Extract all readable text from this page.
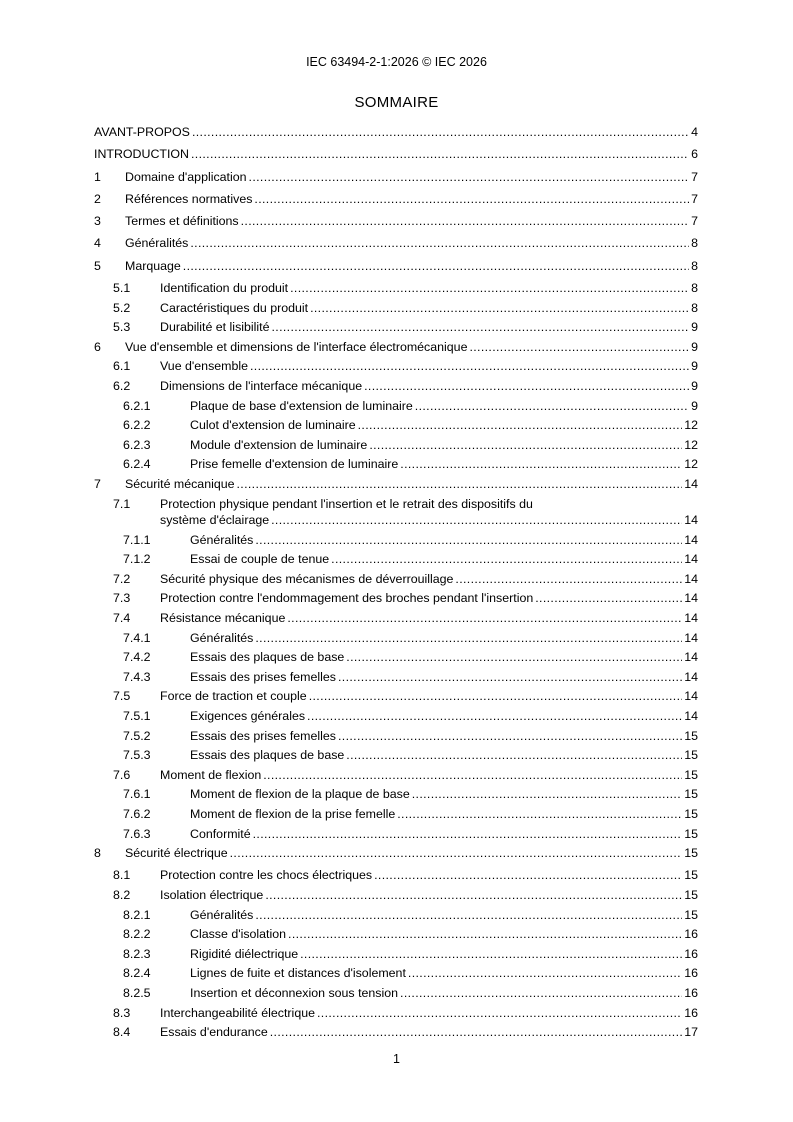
IEC 63494-2-1:2026 © IEC 2026
SOMMAIRE
AVANT-PROPOS .....	4
INTRODUCTION .....	6
1 Domaine d'application .....	7
2 Références normatives .....	7
3 Termes et définitions .....	7
4 Généralités .....	8
5 Marquage .....	8
5.1 Identification du produit .....	8
5.2 Caractéristiques du produit .....	8
5.3 Durabilité et lisibilité .....	9
6 Vue d'ensemble et dimensions de l'interface électromécanique .....	9
6.1 Vue d'ensemble .....	9
6.2 Dimensions de l'interface mécanique .....	9
6.2.1	Plaque de base d'extension de luminaire .....	9
6.2.2	Culot d'extension de luminaire .....	12
6.2.3	Module d'extension de luminaire .....	12
6.2.4	Prise femelle d'extension de luminaire .....	12
7 Sécurité mécanique .....	14
7.1 Protection physique pendant l'insertion et le retrait des dispositifs du
système d'éclairage .....	14
7.1.1	Généralités .....	14
7.1.2	Essai de couple de tenue .....	14
7.2 Sécurité physique des mécanismes de déverrouillage .....	14
7.3 Protection contre l'endommagement des broches pendant l'insertion .....	14
7.4 Résistance mécanique .....	14
7.4.1	Généralités .....	14
7.4.2	Essais des plaques de base .....	14
7.4.3	Essais des prises femelles .....	14
7.5 Force de traction et couple .....	14
7.5.1	Exigences générales .....	14
7.5.2	Essais des prises femelles .....	15
7.5.3	Essais des plaques de base .....	15
7.6 Moment de flexion .....	15
7.6.1	Moment de flexion de la plaque de base .....	15
7.6.2	Moment de flexion de la prise femelle .....	15
7.6.3	Conformité .....	15
8 Sécurité électrique .....	15
8.1 Protection contre les chocs électriques .....	15
8.2 Isolation électrique .....	15
8.2.1	Généralités .....	15
8.2.2	Classe d'isolation .....	16
8.2.3	Rigidité diélectrique .....	16
8.2.4	Lignes de fuite et distances d'isolement .....	16
8.2.5	Insertion et déconnexion sous tension .....	16
8.3 Interchangeabilité électrique .....	16
8.4 Essais d'endurance .....	17
1
